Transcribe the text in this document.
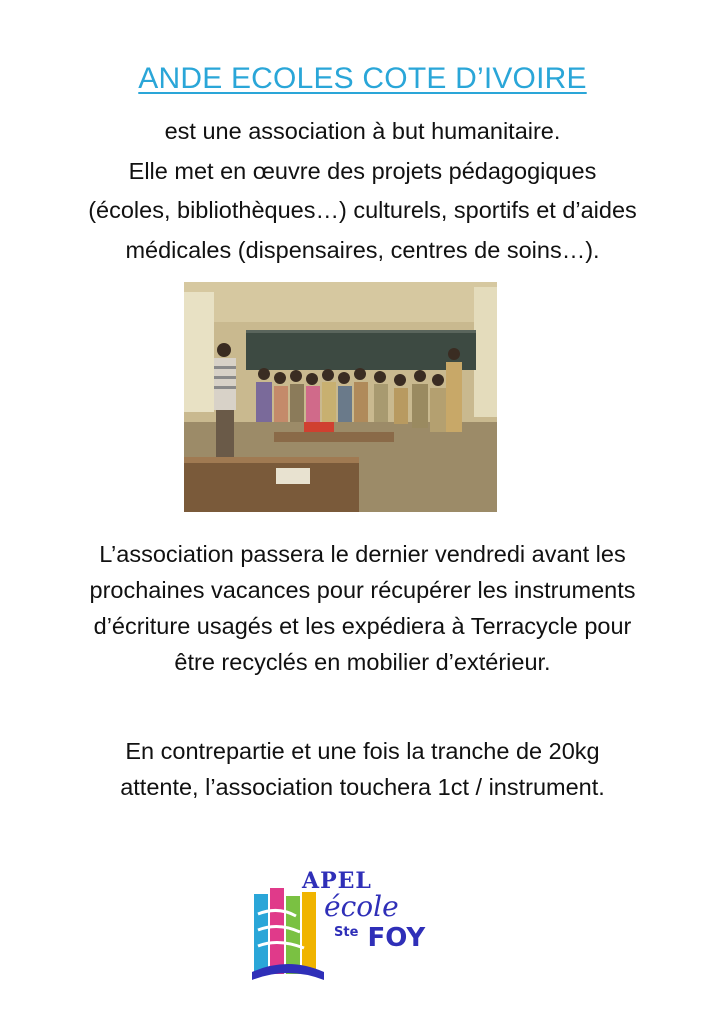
ANDE ECOLES COTE D’IVOIRE
est une association à but humanitaire.
Elle met en œuvre des projets pédagogiques
(écoles, bibliothèques…) culturels, sportifs et d’aides
médicales (dispensaires, centres de soins…).
L’association passera le dernier vendredi avant les
prochaines vacances pour récupérer les instruments
d’écriture usagés et les expédiera à Terracycle pour
être recyclés en mobilier d’extérieur.
En contrepartie et une fois la tranche de 20kg
attente, l’association touchera 1ct / instrument.
APEL
école
$^{Ste}$ FOY
